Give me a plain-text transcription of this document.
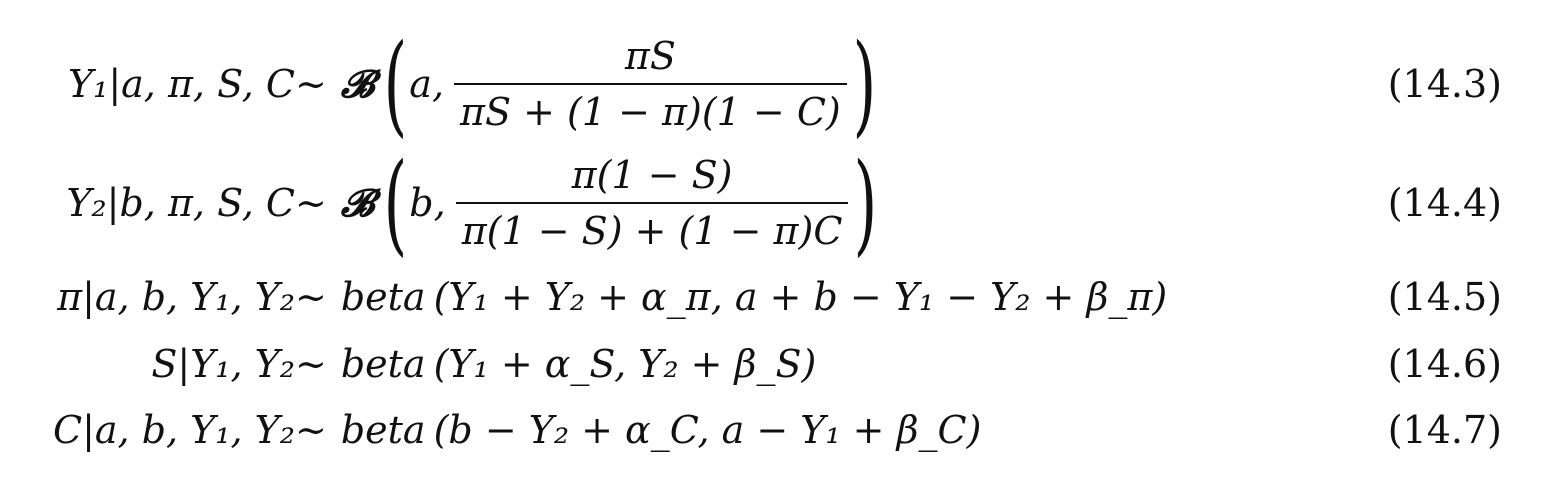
Y₁|a, π, S, C ∼ 𝓑 ( a, $\frac{\pi S}{\pi S + (1 - \pi)(1 - C)}$ )	(14.3)
Y₂|b, π, S, C ∼ 𝓑 ( b, $\frac{\pi(1 - S)}{\pi(1 - S) + (1 - \pi)C}$ )	(14.4)
π|a, b, Y₁, Y₂ ∼ beta (Y₁ + Y₂ + α_π, a + b − Y₁ − Y₂ + β_π)	(14.5)
S|Y₁, Y₂ ∼ beta (Y₁ + α_S, Y₂ + β_S)	(14.6)
C|a, b, Y₁, Y₂ ∼ beta (b − Y₂ + α_C, a − Y₁ + β_C)	(14.7)
